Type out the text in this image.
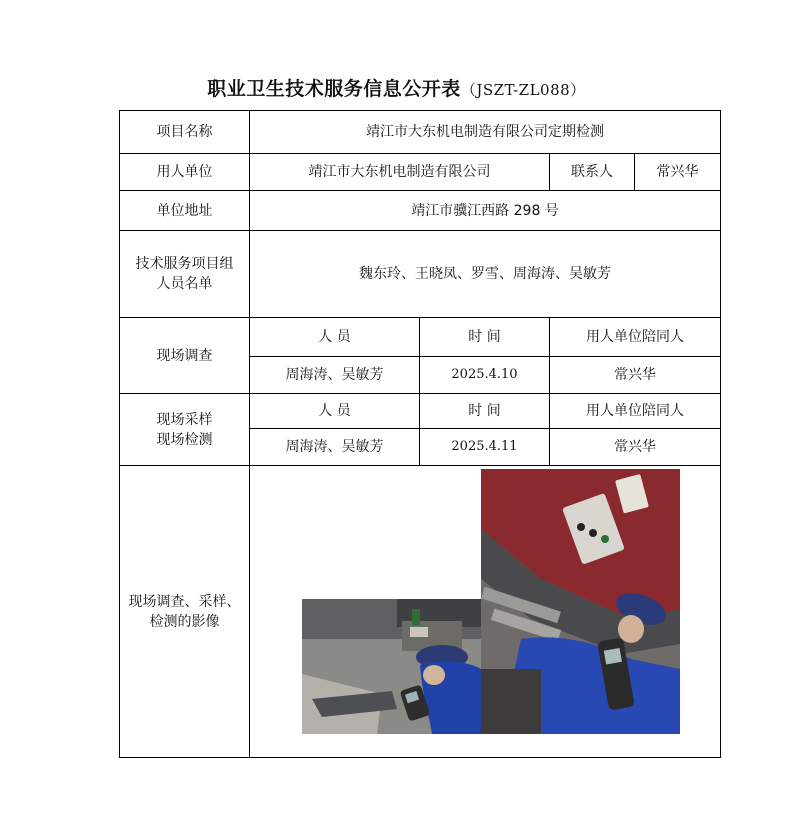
职业卫生技术服务信息公开表（JSZT-ZL088）
项目名称	靖江市大东机电制造有限公司定期检测			
用人单位	靖江市大东机电制造有限公司		联系人	常兴华
单位地址	靖江市骥江西路 298 号			

技术服务项目组
人员名单	魏东玲、王晓凤、罗雪、周海涛、吴敏芳			
现场调查	人 员	时 间	用人单位陪同人	
	周海涛、吴敏芳	2025.4.10	常兴华	

现场采样
现场检测	人 员	时 间	用人单位陪同人	
	周海涛、吴敏芳	2025.4.11	常兴华	

现场调查、采样、
检测的影像
